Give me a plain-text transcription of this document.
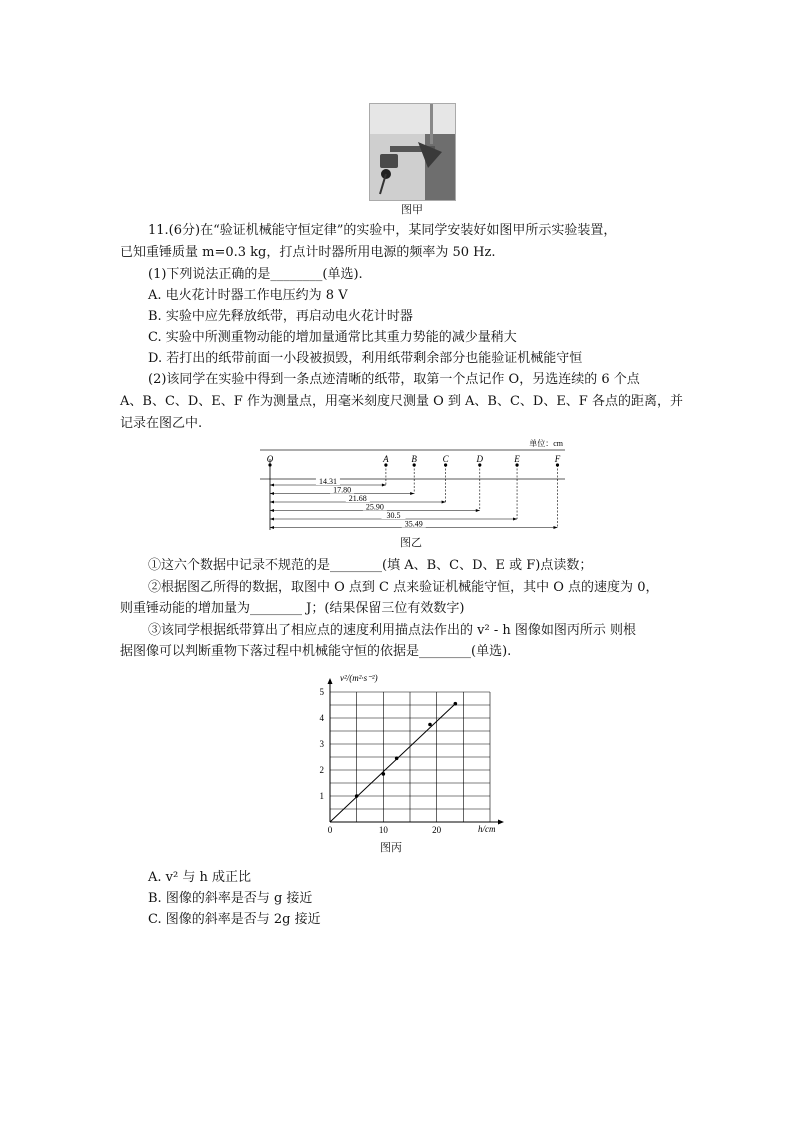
图甲
11.(6分)在“验证机械能守恒定律”的实验中，某同学安装好如图甲所示实验装置，
已知重锤质量 m=0.3 kg，打点计时器所用电源的频率为 50 Hz.
(1)下列说法正确的是________(单选).
A. 电火花计时器工作电压约为 8 V
B. 实验中应先释放纸带，再启动电火花计时器
C. 实验中所测重物动能的增加量通常比其重力势能的减少量稍大
D. 若打出的纸带前面一小段被损毁，利用纸带剩余部分也能验证机械能守恒
(2)该同学在实验中得到一条点迹清晰的纸带，取第一个点记作 O，另选连续的 6 个点
A、B、C、D、E、F 作为测量点，用毫米刻度尺测量 O 到 A、B、C、D、E、F 各点的距离，并
记录在图乙中.
单位：cm
O	A	B	C	D	E	F
14.31
17.80
21.68
25.90
30.5
35.49
图乙
①这六个数据中记录不规范的是________(填 A、B、C、D、E 或 F)点读数；
②根据图乙所得的数据，取图中 O 点到 C 点来验证机械能守恒，其中 O 点的速度为 0，
则重锤动能的增加量为________ J；(结果保留三位有效数字)
③该同学根据纸带算出了相应点的速度利用描点法作出的 v² - h 图像如图丙所示 则根
据图像可以判断重物下落过程中机械能守恒的依据是________(单选).
0	10	20
1
2
3
4
5
v²/(m²·s⁻²)
h/cm
图丙
A. v² 与 h 成正比
B. 图像的斜率是否与 g 接近
C. 图像的斜率是否与 2g 接近
